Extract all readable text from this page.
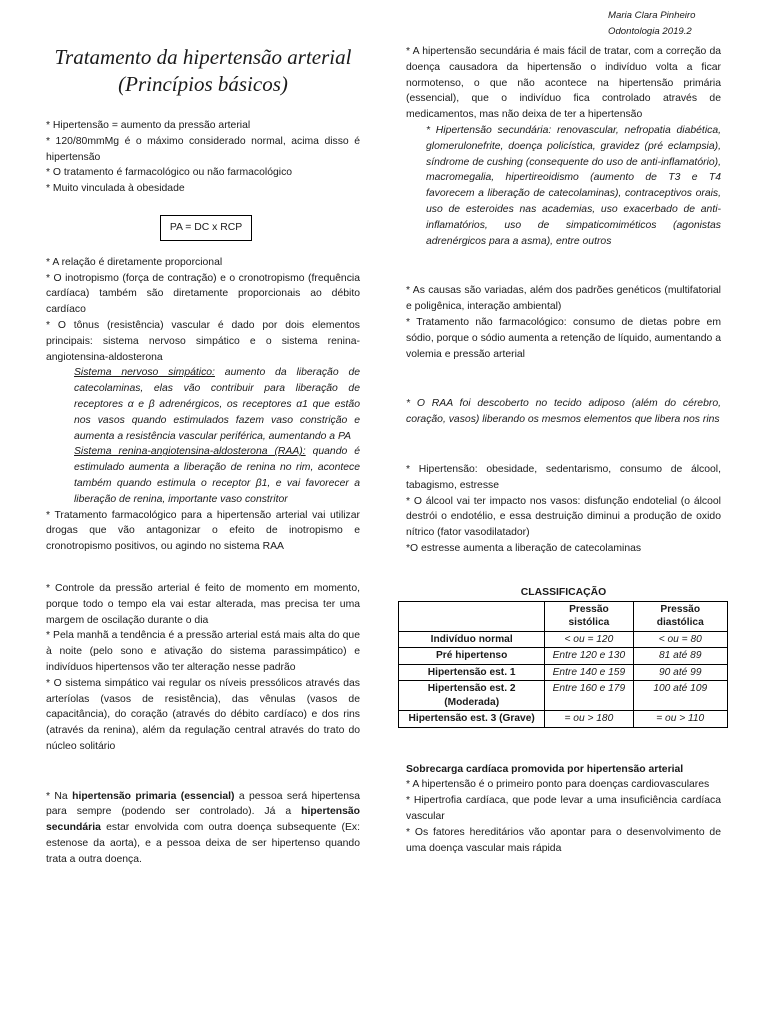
Maria Clara Pinheiro
Odontologia 2019.2
Tratamento da hipertensão arterial
(Princípios básicos)

* Hipertensão = aumento da pressão arterial

* 120/80mmMg é o máximo considerado normal, acima disso é hipertensão

* O tratamento é farmacológico ou não farmacológico

* Muito vinculada à obesidade

PA = DC x RCP

* A relação é diretamente proporcional

* O inotropismo (força de contração) e o cronotropismo (frequência cardíaca) também são diretamente proporcionais ao débito cardíaco

* O tônus (resistência) vascular é dado por dois elementos principais: sistema nervoso simpático e o sistema renina-angiotensina-aldosterona

Sistema nervoso simpático: aumento da liberação de catecolaminas, elas vão contribuir para liberação de receptores α e β adrenérgicos, os receptores α1 que estão nos vasos quando estimulados fazem vaso constrição e aumenta a resistência vascular periférica, aumentando a PA

Sistema renina-angiotensina-aldosterona (RAA): quando é estimulado aumenta a liberação de renina no rim, acontece também quando estimula o receptor β1, e vai favorecer a liberação de renina, importante vaso constritor

* Tratamento farmacológico para a hipertensão arterial vai utilizar drogas que vão antagonizar o efeito de inotropismo e cronotropismo positivos, ou agindo no sistema RAA

* Controle da pressão arterial é feito de momento em momento, porque todo o tempo ela vai estar alterada, mas precisa ter uma margem de oscilação durante o dia

* Pela manhã a tendência é a pressão arterial está mais alta do que à noite (pelo sono e ativação do sistema parassimpático) e indivíduos hipertensos vão ter alteração nesse padrão

* O sistema simpático vai regular os níveis pressólicos através das arteríolas (vasos de resistência), das vênulas (vasos de capacitância), do coração (através do débito cardíaco) e dos rins (através da renina), além da regulação central através do trato do núcleo solitário

* Na hipertensão primaria (essencial) a pessoa será hipertensa para sempre (podendo ser controlado). Já a hipertensão secundária estar envolvida com outra doença subsequente (Ex: estenose da aorta), e a pessoa deixa de ser hipertenso quando trata a outra doença.

* A hipertensão secundária é mais fácil de tratar, com a correção da doença causadora da hipertensão o indivíduo volta a ficar normotenso, o que não acontece na hipertensão primária (essencial), que o indivíduo fica controlado através de medicamentos, mas não deixa de ter a hipertensão

* Hipertensão secundária: renovascular, nefropatia diabética, glomerulonefrite, doença policística, gravidez (pré eclampsia), síndrome de cushing (consequente do uso de anti-inflamatório), macromegalia, hipertireoidismo (aumento de T3 e T4 favorecem a liberação de catecolaminas), contraceptivos orais, uso de esteroides nas academias, uso exacerbado de anti-inflamatórios, uso de simpaticomiméticos (agonistas adrenérgicos para a asma), entre outros

* As causas são variadas, além dos padrões genéticos (multifatorial e poligênica, interação ambiental)

* Tratamento não farmacológico: consumo de dietas pobre em sódio, porque o sódio aumenta a retenção de líquido, aumentando a volemia e pressão arterial

* O RAA foi descoberto no tecido adiposo (além do cérebro, coração, vasos) liberando os mesmos elementos que libera nos rins

* Hipertensão: obesidade, sedentarismo, consumo de álcool, tabagismo, estresse

* O álcool vai ter impacto nos vasos: disfunção endotelial (o álcool destrói o endotélio, e essa destruição diminui a produção de oxido nítrico (fator vasodilatador)

*O estresse aumenta a liberação de catecolaminas

CLASSIFICAÇÃO
	Pressão sistólica	Pressão diastólica
Indivíduo normal	< ou = 120	< ou = 80
Pré hipertenso	Entre 120 e 130	81 até 89
Hipertensão est. 1	Entre 140 e 159	90 até 99
Hipertensão est. 2 (Moderada)	Entre 160 e 179	100 até 109
Hipertensão est. 3 (Grave)	= ou > 180	= ou > 110

Sobrecarga cardíaca promovida por hipertensão arterial

* A hipertensão é o primeiro ponto para doenças cardiovasculares

* Hipertrofia cardíaca, que pode levar a uma insuficiência cardíaca vascular

* Os fatores hereditários vão apontar para o desenvolvimento de uma doença vascular mais rápida
